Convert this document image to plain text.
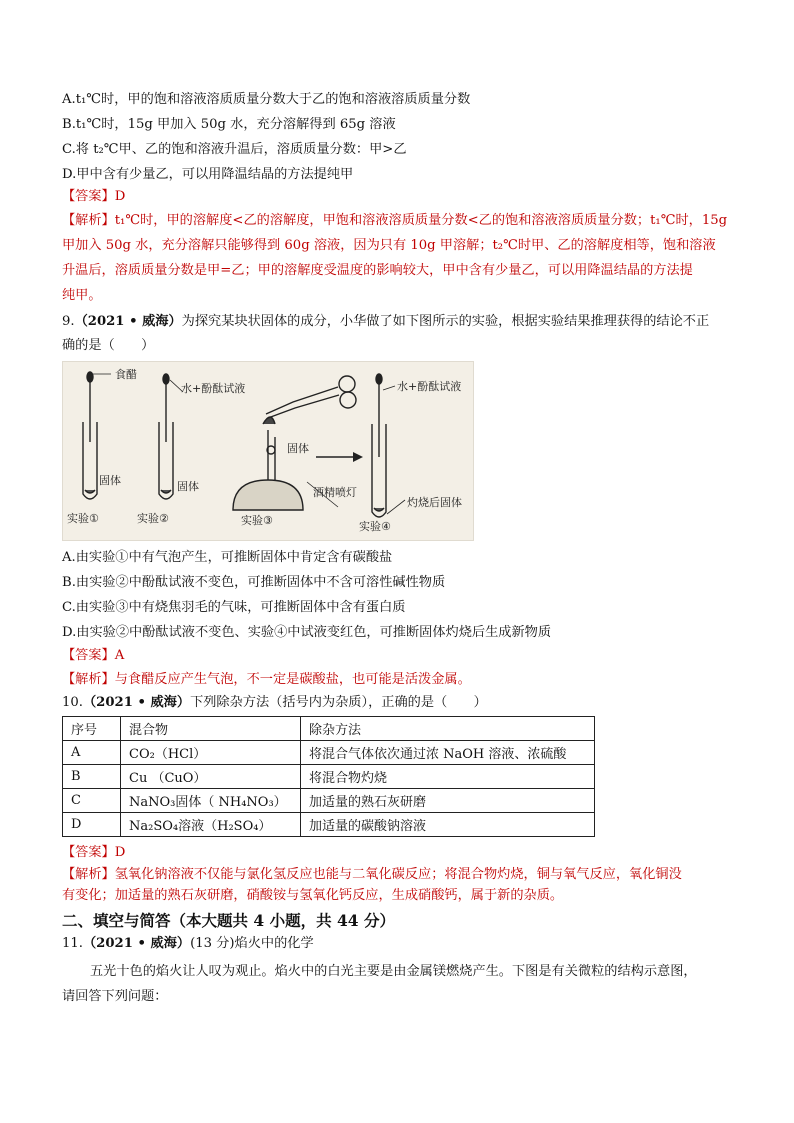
A.t₁℃时，甲的饱和溶液溶质质量分数大于乙的饱和溶液溶质质量分数
B.t₁℃时，15g 甲加入 50g 水，充分溶解得到 65g 溶液
C.将 t₂℃甲、乙的饱和溶液升温后，溶质质量分数：甲>乙
D.甲中含有少量乙，可以用降温结晶的方法提纯甲
【答案】D
【解析】t₁℃时，甲的溶解度<乙的溶解度，甲饱和溶液溶质质量分数<乙的饱和溶液溶质质量分数；t₁℃时，15g
甲加入 50g 水，充分溶解只能够得到 60g 溶液，因为只有 10g 甲溶解；t₂℃时甲、乙的溶解度相等，饱和溶液
升温后，溶质质量分数是甲=乙；甲的溶解度受温度的影响较大，甲中含有少量乙，可以用降温结晶的方法提
纯甲。
9.（2021 • 威海）为探究某块状固体的成分，小华做了如下图所示的实验，根据实验结果推理获得的结论不正
确的是（　　）
食醋
水+酚酞试液
固体	固体
固体
酒精喷灯
水+酚酞试液
灼烧后固体
实验①	实验②	实验③	实验④
A.由实验①中有气泡产生，可推断固体中肯定含有碳酸盐
B.由实验②中酚酞试液不变色，可推断固体中不含可溶性碱性物质
C.由实验③中有烧焦羽毛的气味，可推断固体中含有蛋白质
D.由实验②中酚酞试液不变色、实验④中试液变红色，可推断固体灼烧后生成新物质
【答案】A
【解析】与食醋反应产生气泡，不一定是碳酸盐，也可能是活泼金属。
10.（2021 • 威海）下列除杂方法（括号内为杂质），正确的是（　　）
序号	混合物	除杂方法
A	CO₂（HCl）	将混合气体依次通过浓 NaOH 溶液、浓硫酸
B	Cu （CuO）	将混合物灼烧
C	NaNO₃固体（ NH₄NO₃）	加适量的熟石灰研磨
D	Na₂SO₄溶液（H₂SO₄）	加适量的碳酸钠溶液
【答案】D
【解析】氢氧化钠溶液不仅能与氯化氢反应也能与二氧化碳反应；将混合物灼烧，铜与氧气反应，氧化铜没
有变化；加适量的熟石灰研磨，硝酸铵与氢氧化钙反应，生成硝酸钙，属于新的杂质。
二、填空与简答（本大题共 4 小题，共 44 分）
11.（2021 • 威海）(13 分)焰火中的化学
五光十色的焰火让人叹为观止。焰火中的白光主要是由金属镁燃烧产生。下图是有关微粒的结构示意图，
请回答下列问题：
